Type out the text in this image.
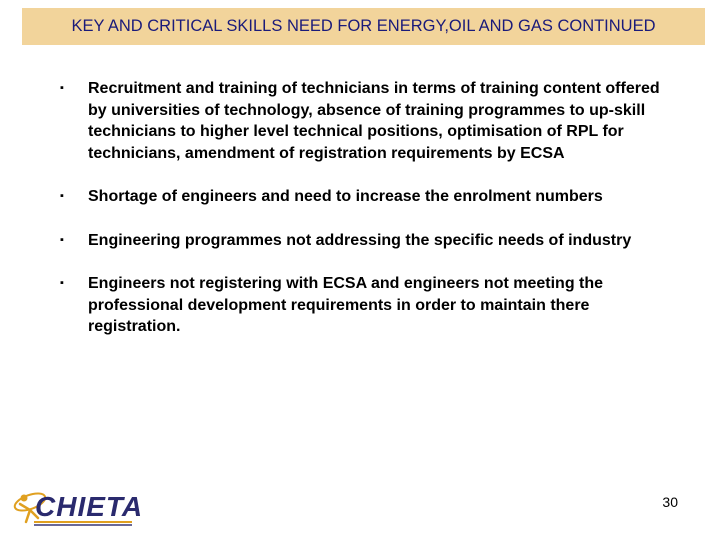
KEY AND CRITICAL SKILLS NEED FOR ENERGY,OIL AND GAS CONTINUED
▪ Recruitment and training of technicians in terms of training content offered by universities of technology, absence of training programmes to up-skill technicians to higher level technical positions, optimisation of RPL for technicians, amendment of registration requirements by ECSA
▪ Shortage of engineers and need to increase the enrolment numbers
▪ Engineering programmes not addressing the specific needs of industry
▪ Engineers not registering with ECSA and engineers not meeting the professional development requirements in order to maintain there registration.
CHIETA	30
